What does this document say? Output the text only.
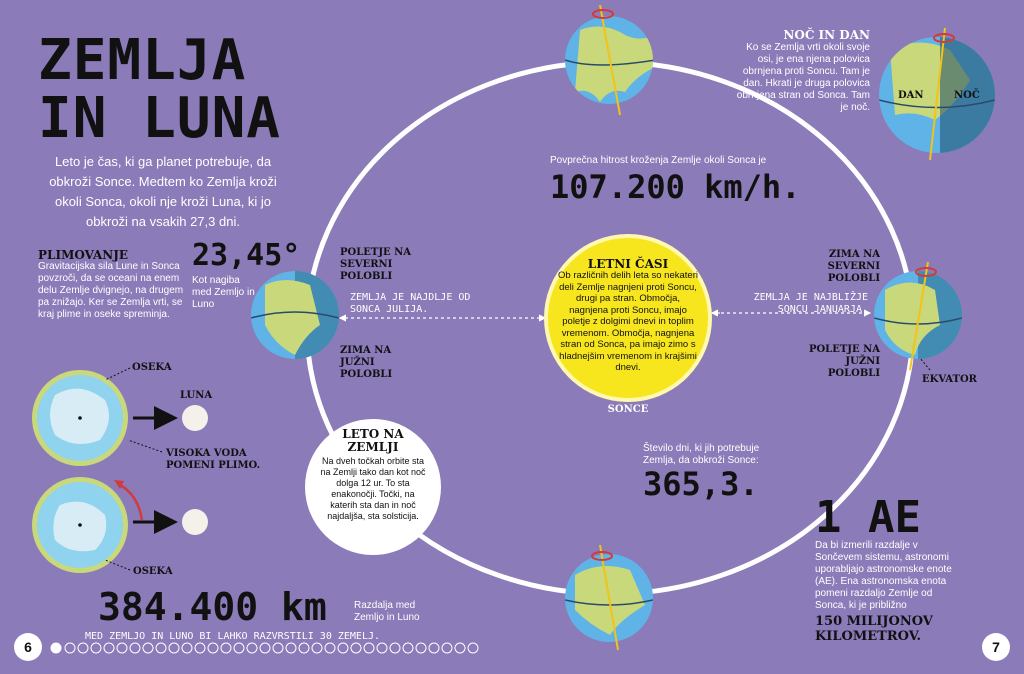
ZEMLJA
IN LUNA
Leto je čas, ki ga planet potrebuje, da obkroži Sonce. Medtem ko Zemlja kroži okoli Sonca, okoli nje kroži Luna, ki jo obkroži na vsakih 27,3 dni.
PLIMOVANJE
Gravitacijska sila Lune in Sonca povzroči, da se oceani na enem delu Zemlje dvignejo, na drugem pa znižajo. Ker se Zemlja vrti, se kraj plime in oseke spreminja.
OSEKA
LUNA
VISOKA VODA POMENI PLIMO.
OSEKA
23,45°
Kot nagiba med Zemljo in Luno
POLETJE NA SEVERNI POLOBLI
ZIMA NA JUŽNI POLOBLI
ZEMLJA JE NAJDLJE OD SONCA JULIJA.
ZIMA NA SEVERNI POLOBLI
POLETJE NA JUŽNI POLOBLI
ZEMLJA JE NAJBLIŽJE SONCU JANUARJA.
EKVATOR
Povprečna hitrost kroženja Zemlje okoli Sonca je
107.200 km/h.
LETNI ČASI
Ob različnih delih leta so nekateri deli Zemlje nagnjeni proti Soncu, drugi pa stran. Območja, nagnjena proti Soncu, imajo poletje z dolgimi dnevi in toplim vremenom. Območja, nagnjena stran od Sonca, pa imajo zimo s hladnejšim vremenom in krajšimi dnevi.
SONCE
NOČ IN DAN
Ko se Zemlja vrti okoli svoje osi, je ena njena polovica obrnjena proti Soncu. Tam je dan. Hkrati je druga polovica obrnjena stran od Sonca. Tam je noč.
DAN	NOČ
LETO NA ZEMLJI
Na dveh točkah orbite sta na Zemlji tako dan kot noč dolga 12 ur. To sta enakonočji. Točki, na katerih sta dan in noč najdaljša, sta solsticija.
Število dni, ki jih potrebuje Zemlja, da obkroži Sonce:
365,3.
1 AE
Da bi izmerili razdalje v Sončevem sistemu, astronomi uporabljajo astronomske enote (AE). Ena astronomska enota pomeni razdaljo Zemlje od Sonca, ki je približno
150 MILIJONOV KILOMETROV.
384.400 km	Razdalja med Zemljo in Luno
MED ZEMLJO IN LUNO BI LAHKO RAZVRSTILI 30 ZEMELJ.
6	7
